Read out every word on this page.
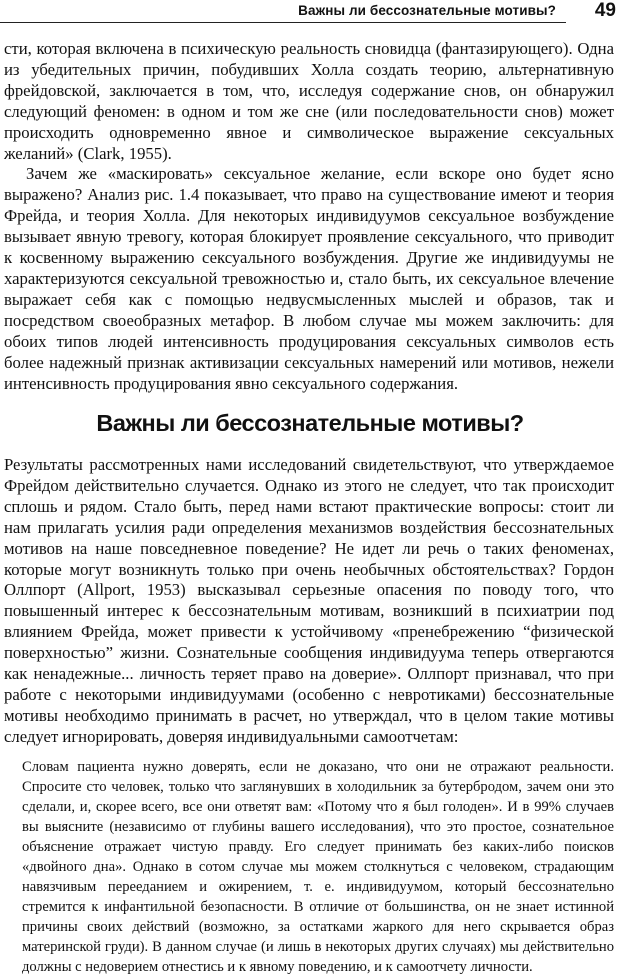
Важны ли бессознательные мотивы? 49

сти, которая включена в психическую реальность сновидца (фантазирующего). Одна из убедительных причин, побудивших Холла создать теорию, альтернативную фрейдовской, заключается в том, что, исследуя содержание снов, он обнаружил следующий феномен: в одном и том же сне (или последовательности снов) может происходить одновременно явное и символическое выражение сексуальных желаний» (Clark, 1955).

Зачем же «маскировать» сексуальное желание, если вскоре оно будет ясно выражено? Анализ рис. 1.4 показывает, что право на существование имеют и теория Фрейда, и теория Холла. Для некоторых индивидуумов сексуальное возбуждение вызывает явную тревогу, которая блокирует проявление сексуального, что приводит к косвенному выражению сексуального возбуждения. Другие же индивидуумы не характеризуются сексуальной тревожностью и, стало быть, их сексуальное влечение выражает себя как с помощью недвусмысленных мыслей и образов, так и посредством своеобразных метафор. В любом случае мы можем заключить: для обоих типов людей интенсивность продуцирования сексуальных символов есть более надежный признак активизации сексуальных намерений или мотивов, нежели интенсивность продуцирования явно сексуального содержания.

Важны ли бессознательные мотивы?

Результаты рассмотренных нами исследований свидетельствуют, что утверждаемое Фрейдом действительно случается. Однако из этого не следует, что так происходит сплошь и рядом. Стало быть, перед нами встают практические вопросы: стоит ли нам прилагать усилия ради определения механизмов воздействия бессознательных мотивов на наше повседневное поведение? Не идет ли речь о таких феноменах, которые могут возникнуть только при очень необычных обстоятельствах? Гордон Оллпорт (Allport, 1953) высказывал серьезные опасения по поводу того, что повышенный интерес к бессознательным мотивам, возникший в психиатрии под влиянием Фрейда, может привести к устойчивому «пренебрежению “физической поверхностью” жизни. Сознательные сообщения индивидуума теперь отвергаются как ненадежные... личность теряет право на доверие». Оллпорт признавал, что при работе с некоторыми индивидуумами (особенно с невротиками) бессознательные мотивы необходимо принимать в расчет, но утверждал, что в целом такие мотивы следует игнорировать, доверяя индивидуальными самоотчетам:

Словам пациента нужно доверять, если не доказано, что они не отражают реальности. Спросите сто человек, только что заглянувших в холодильник за бутербродом, зачем они это сделали, и, скорее всего, все они ответят вам: «Потому что я был голоден». И в 99% случаев вы выясните (независимо от глубины вашего исследования), что это простое, сознательное объяснение отражает чистую правду. Его следует принимать без каких-либо поисков «двойного дна». Однако в сотом случае мы можем столкнуться с человеком, страдающим навязчивым перееданием и ожирением, т. е. индивидуумом, который бессознательно стремится к инфантильной безопасности. В отличие от большинства, он не знает истинной причины своих действий (возможно, за остатками жаркого для него скрывается образ материнской груди). В данном случае (и лишь в некоторых других случаях) мы действительно должны с недоверием отнестись и к явному поведению, и к самоотчету личности.
